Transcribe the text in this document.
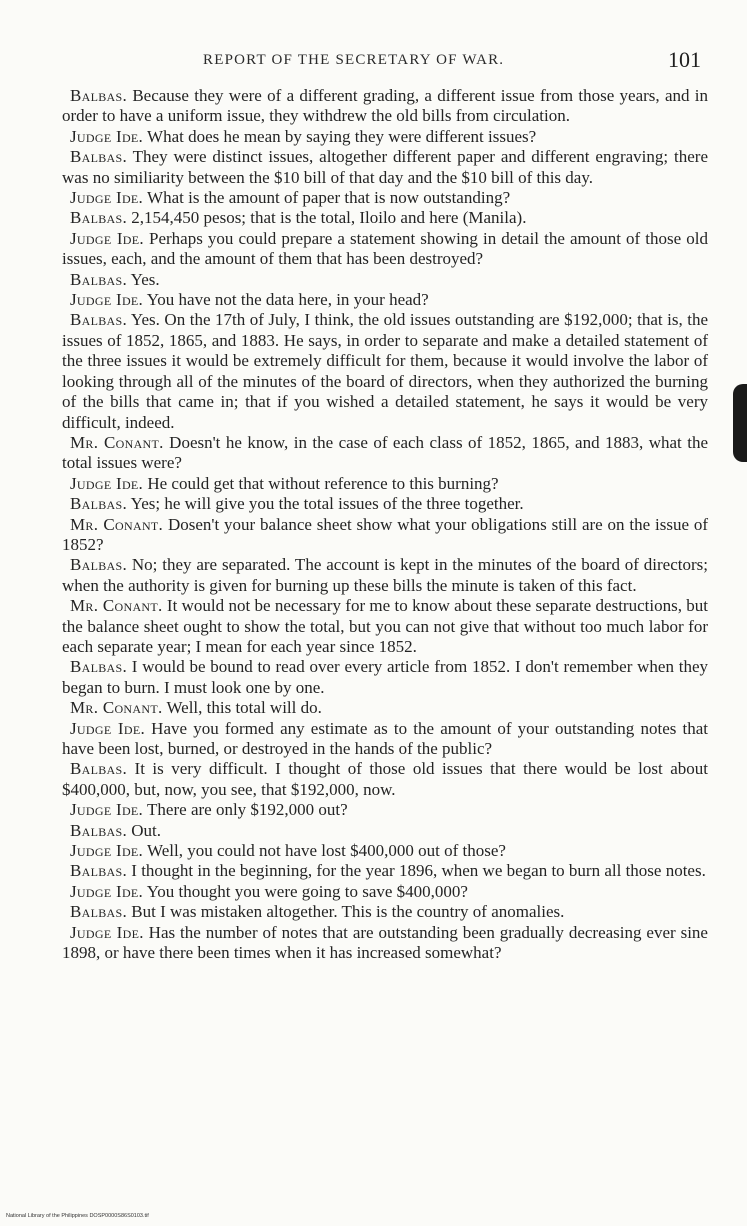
REPORT OF THE SECRETARY OF WAR.	101

Balbas. Because they were of a different grading, a different issue from those years, and in order to have a uniform issue, they withdrew the old bills from circulation.

Judge Ide. What does he mean by saying they were different issues?

Balbas. They were distinct issues, altogether different paper and different engraving; there was no similiarity between the $10 bill of that day and the $10 bill of this day.

Judge Ide. What is the amount of paper that is now outstanding?

Balbas. 2,154,450 pesos; that is the total, Iloilo and here (Manila).

Judge Ide. Perhaps you could prepare a statement showing in detail the amount of those old issues, each, and the amount of them that has been destroyed?

Balbas. Yes.

Judge Ide. You have not the data here, in your head?

Balbas. Yes. On the 17th of July, I think, the old issues outstanding are $192,000; that is, the issues of 1852, 1865, and 1883. He says, in order to separate and make a detailed statement of the three issues it would be extremely difficult for them, because it would involve the labor of looking through all of the minutes of the board of directors, when they authorized the burning of the bills that came in; that if you wished a detailed statement, he says it would be very difficult, indeed.

Mr. Conant. Doesn't he know, in the case of each class of 1852, 1865, and 1883, what the total issues were?

Judge Ide. He could get that without reference to this burning?

Balbas. Yes; he will give you the total issues of the three together.

Mr. Conant. Dosen't your balance sheet show what your obligations still are on the issue of 1852?

Balbas. No; they are separated. The account is kept in the minutes of the board of directors; when the authority is given for burning up these bills the minute is taken of this fact.

Mr. Conant. It would not be necessary for me to know about these separate destructions, but the balance sheet ought to show the total, but you can not give that without too much labor for each separate year; I mean for each year since 1852.

Balbas. I would be bound to read over every article from 1852. I don't remember when they began to burn. I must look one by one.

Mr. Conant. Well, this total will do.

Judge Ide. Have you formed any estimate as to the amount of your outstanding notes that have been lost, burned, or destroyed in the hands of the public?

Balbas. It is very difficult. I thought of those old issues that there would be lost about $400,000, but, now, you see, that $192,000, now.

Judge Ide. There are only $192,000 out?

Balbas. Out.

Judge Ide. Well, you could not have lost $400,000 out of those?

Balbas. I thought in the beginning, for the year 1896, when we began to burn all those notes.

Judge Ide. You thought you were going to save $400,000?

Balbas. But I was mistaken altogether. This is the country of anomalies.

Judge Ide. Has the number of notes that are outstanding been gradually decreasing ever sine 1898, or have there been times when it has increased somewhat?

National Library of the Philippines DOSP0000S86S0103.tif
